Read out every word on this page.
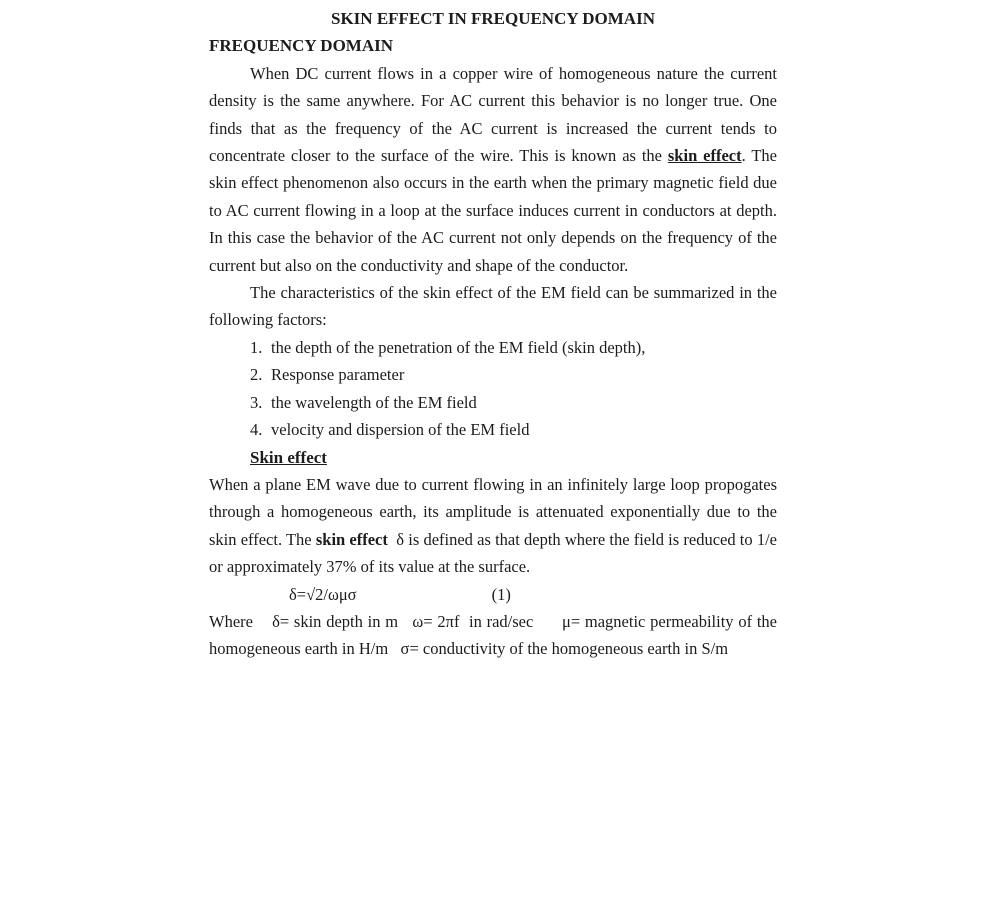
SKIN EFFECT IN FREQUENCY DOMAIN
FREQUENCY DOMAIN

When DC current flows in a copper wire of homogeneous nature the current density is the same anywhere. For AC current this behavior is no longer true. One finds that as the frequency of the AC current is increased the current tends to concentrate closer to the surface of the wire. This is known as the skin effect. The skin effect phenomenon also occurs in the earth when the primary magnetic field due to AC current flowing in a loop at the surface induces current in conductors at depth. In this case the behavior of the AC current not only depends on the frequency of the current but also on the conductivity and shape of the conductor.

The characteristics of the skin effect of the EM field can be summarized in the following factors:

1. the depth of the penetration of the EM field (skin depth),
2. Response parameter
3. the wavelength of the EM field
4. velocity and dispersion of the EM field
Skin effect

When a plane EM wave due to current flowing in an infinitely large loop propogates through a homogeneous earth, its amplitude is attenuated exponentially due to the skin effect. The skin effect  δ is defined as that depth where the field is reduced to 1/e or approximately 37% of its value at the surface.

δ=√2/ωμσ	(1)

Where    δ= skin depth in m   ω= 2πf  in rad/sec      μ= magnetic permeability of the homogeneous earth in H/m   σ= conductivity of the homogeneous earth in S/m
